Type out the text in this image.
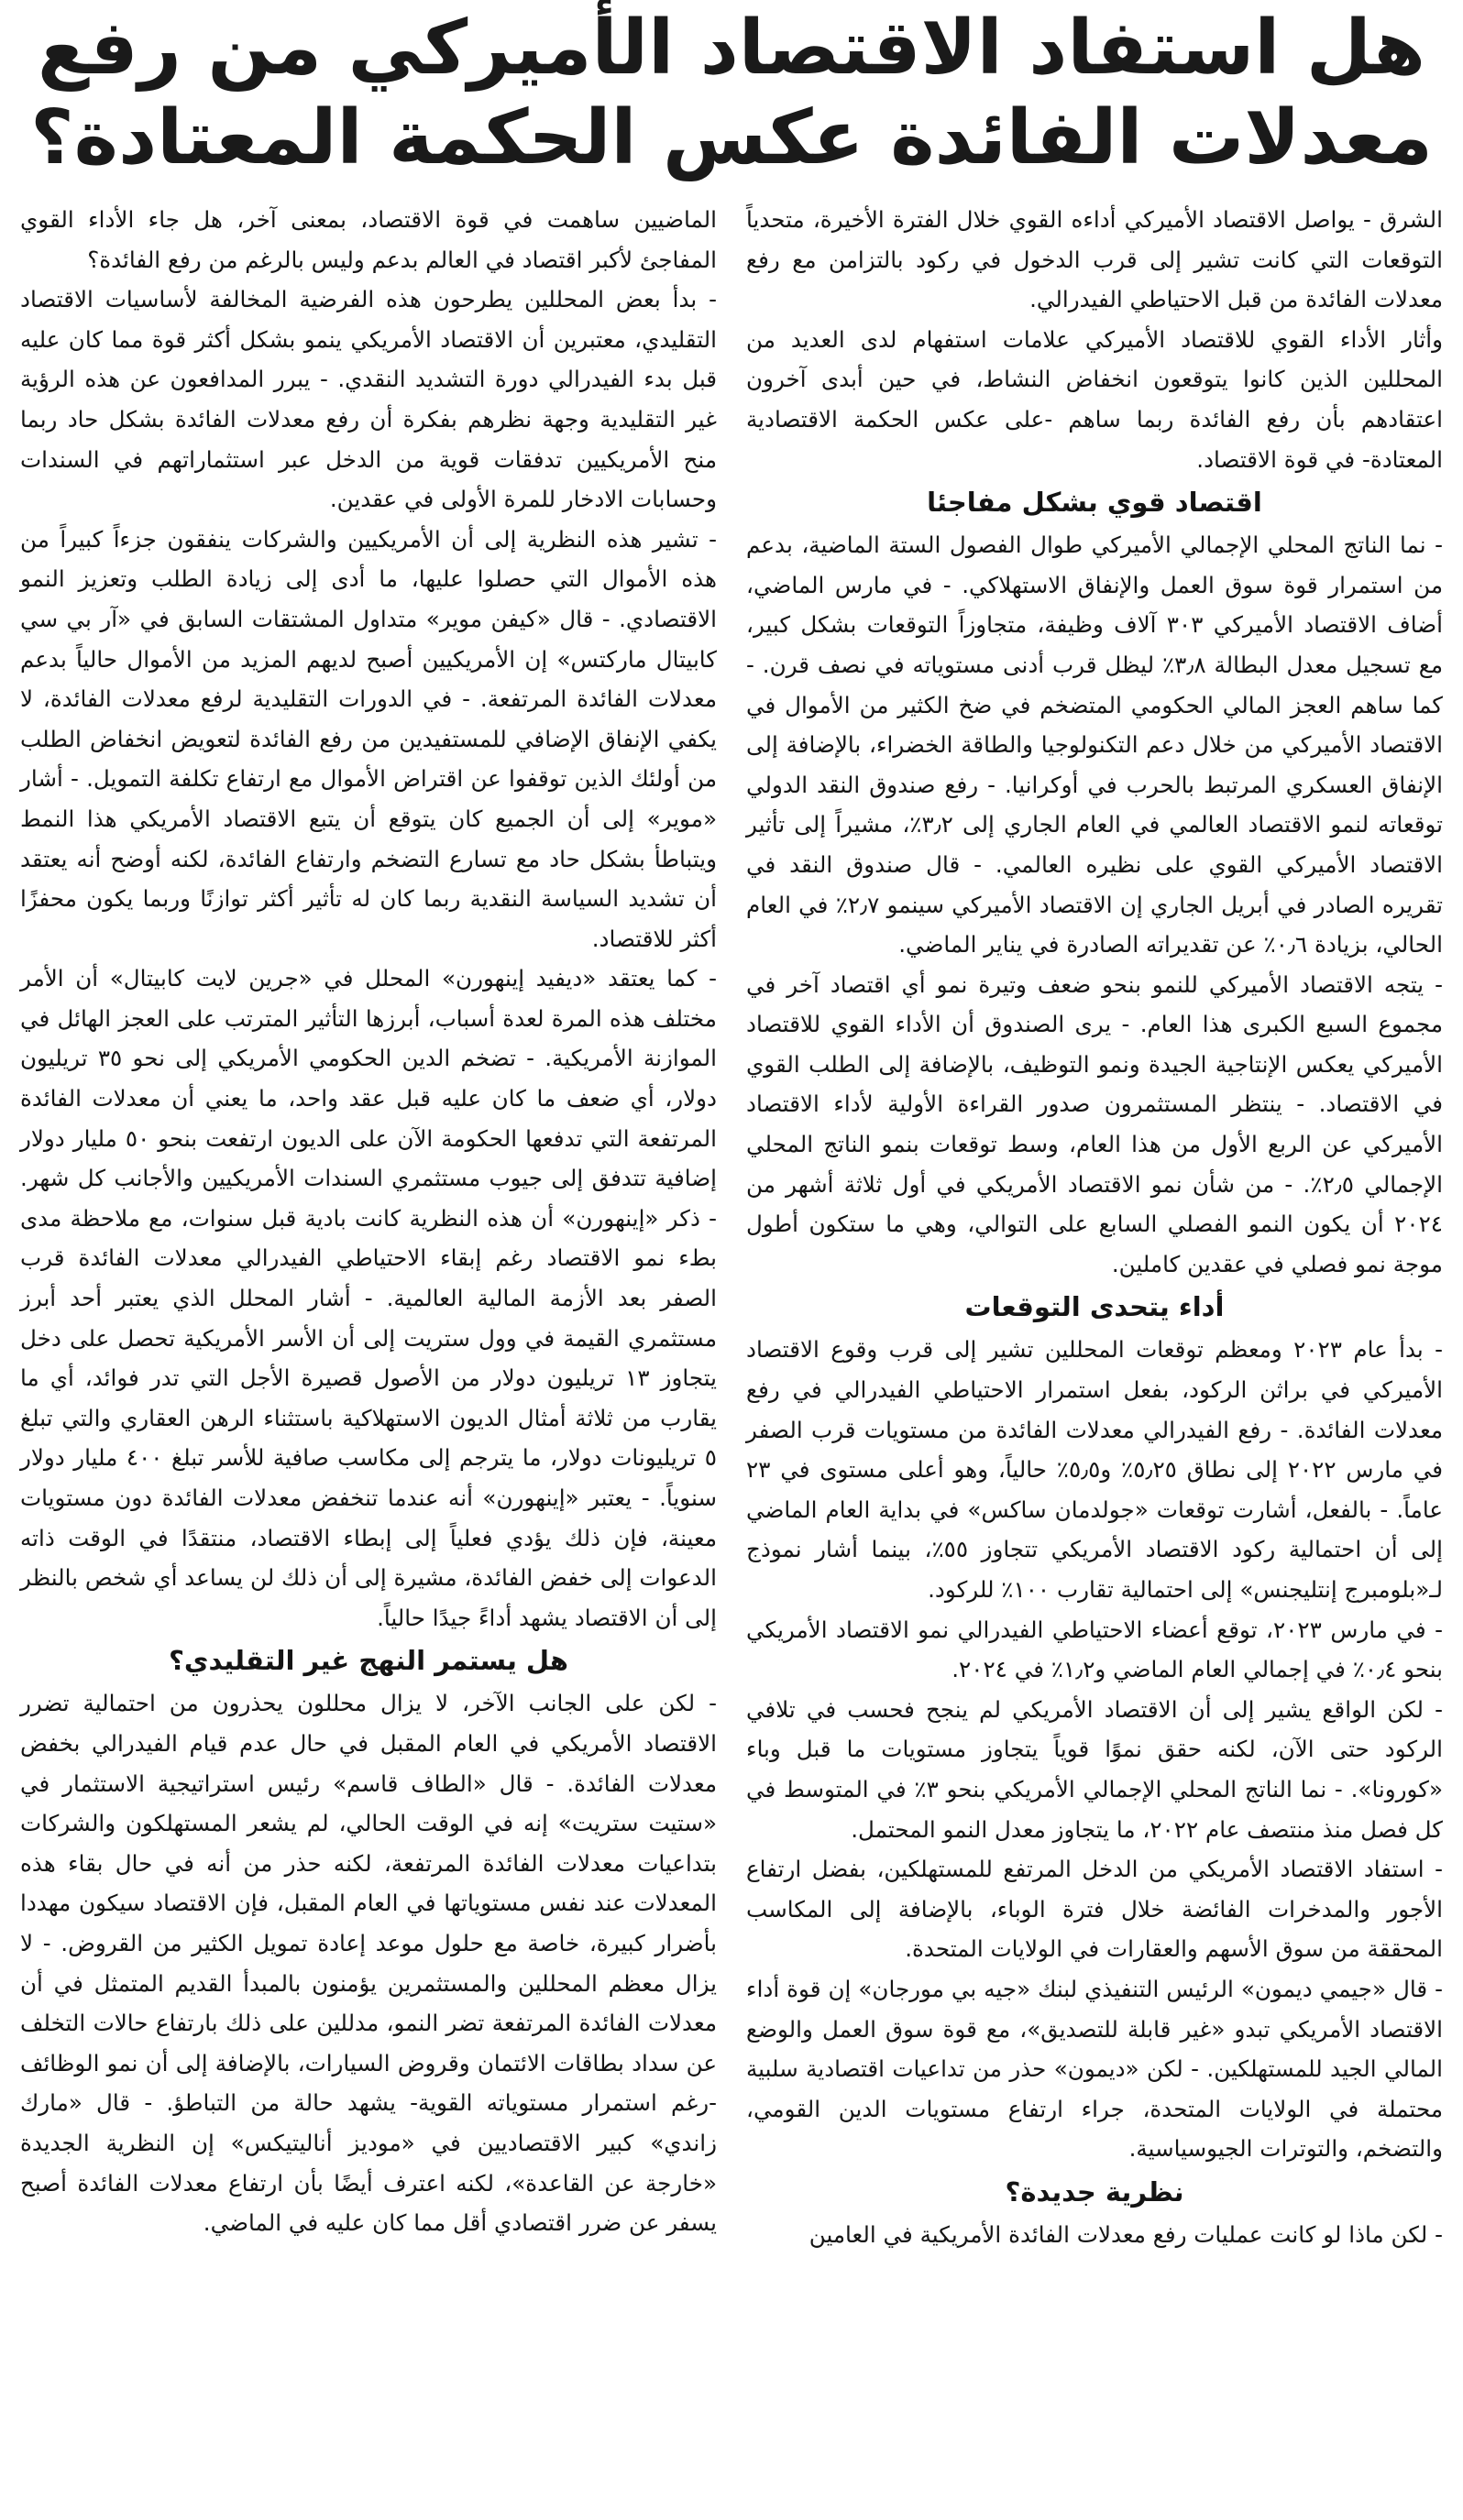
هل استفاد الاقتصاد الأميركي من رفع
معدلات الفائدة عكس الحكمة المعتادة؟

الشرق - يواصل الاقتصاد الأميركي أداءه القوي خلال الفترة الأخيرة، متحدياً التوقعات التي كانت تشير إلى قرب الدخول في ركود بالتزامن مع رفع معدلات الفائدة من قبل الاحتياطي الفيدرالي.

وأثار الأداء القوي للاقتصاد الأميركي علامات استفهام لدى العديد من المحللين الذين كانوا يتوقعون انخفاض النشاط، في حين أبدى آخرون اعتقادهم بأن رفع الفائدة ربما ساهم -على عكس الحكمة الاقتصادية المعتادة- في قوة الاقتصاد.

اقتصاد قوي بشكل مفاجئا

- نما الناتج المحلي الإجمالي الأميركي طوال الفصول الستة الماضية، بدعم من استمرار قوة سوق العمل والإنفاق الاستهلاكي. - في مارس الماضي، أضاف الاقتصاد الأميركي ٣٠٣ آلاف وظيفة، متجاوزاً التوقعات بشكل كبير، مع تسجيل معدل البطالة ٣٫٨٪ ليظل قرب أدنى مستوياته في نصف قرن. - كما ساهم العجز المالي الحكومي المتضخم في ضخ الكثير من الأموال في الاقتصاد الأميركي من خلال دعم التكنولوجيا والطاقة الخضراء، بالإضافة إلى الإنفاق العسكري المرتبط بالحرب في أوكرانيا. - رفع صندوق النقد الدولي توقعاته لنمو الاقتصاد العالمي في العام الجاري إلى ٣٫٢٪، مشيراً إلى تأثير الاقتصاد الأميركي القوي على نظيره العالمي. - قال صندوق النقد في تقريره الصادر في أبريل الجاري إن الاقتصاد الأميركي سينمو ٢٫٧٪ في العام الحالي، بزيادة ٠٫٦٪ عن تقديراته الصادرة في يناير الماضي.

- يتجه الاقتصاد الأميركي للنمو بنحو ضعف وتيرة نمو أي اقتصاد آخر في مجموع السبع الكبرى هذا العام. - يرى الصندوق أن الأداء القوي للاقتصاد الأميركي يعكس الإنتاجية الجيدة ونمو التوظيف، بالإضافة إلى الطلب القوي في الاقتصاد. - ينتظر المستثمرون صدور القراءة الأولية لأداء الاقتصاد الأميركي عن الربع الأول من هذا العام، وسط توقعات بنمو الناتج المحلي الإجمالي ٢٫٥٪. - من شأن نمو الاقتصاد الأمريكي في أول ثلاثة أشهر من ٢٠٢٤ أن يكون النمو الفصلي السابع على التوالي، وهي ما ستكون أطول موجة نمو فصلي في عقدين كاملين.

أداء يتحدى التوقعات

- بدأ عام ٢٠٢٣ ومعظم توقعات المحللين تشير إلى قرب وقوع الاقتصاد الأميركي في براثن الركود، بفعل استمرار الاحتياطي الفيدرالي في رفع معدلات الفائدة. - رفع الفيدرالي معدلات الفائدة من مستويات قرب الصفر في مارس ٢٠٢٢ إلى نطاق ٥٫٢٥٪ و٥٫٥٪ حالياً، وهو أعلى مستوى في ٢٣ عاماً. - بالفعل، أشارت توقعات «جولدمان ساكس» في بداية العام الماضي إلى أن احتمالية ركود الاقتصاد الأمريكي تتجاوز ٥٥٪، بينما أشار نموذج لـ«بلومبرج إنتليجنس» إلى احتمالية تقارب ١٠٠٪ للركود.

- في مارس ٢٠٢٣، توقع أعضاء الاحتياطي الفيدرالي نمو الاقتصاد الأمريكي بنحو ٠٫٤٪ في إجمالي العام الماضي و١٫٢٪ في ٢٠٢٤.

- لكن الواقع يشير إلى أن الاقتصاد الأمريكي لم ينجح فحسب في تلافي الركود حتى الآن، لكنه حقق نموًا قوياً يتجاوز مستويات ما قبل وباء «كورونا». - نما الناتج المحلي الإجمالي الأمريكي بنحو ٣٪ في المتوسط في كل فصل منذ منتصف عام ٢٠٢٢، ما يتجاوز معدل النمو المحتمل.

- استفاد الاقتصاد الأمريكي من الدخل المرتفع للمستهلكين، بفضل ارتفاع الأجور والمدخرات الفائضة خلال فترة الوباء، بالإضافة إلى المكاسب المحققة من سوق الأسهم والعقارات في الولايات المتحدة.

- قال «جيمي ديمون» الرئيس التنفيذي لبنك «جيه بي مورجان» إن قوة أداء الاقتصاد الأمريكي تبدو «غير قابلة للتصديق»، مع قوة سوق العمل والوضع المالي الجيد للمستهلكين. - لكن «ديمون» حذر من تداعيات اقتصادية سلبية محتملة في الولايات المتحدة، جراء ارتفاع مستويات الدين القومي، والتضخم، والتوترات الجيوسياسية.

نظرية جديدة؟

- لكن ماذا لو كانت عمليات رفع معدلات الفائدة الأمريكية في العامين

الماضيين ساهمت في قوة الاقتصاد، بمعنى آخر، هل جاء الأداء القوي المفاجئ لأكبر اقتصاد في العالم بدعم وليس بالرغم من رفع الفائدة؟

- بدأ بعض المحللين يطرحون هذه الفرضية المخالفة لأساسيات الاقتصاد التقليدي، معتبرين أن الاقتصاد الأمريكي ينمو بشكل أكثر قوة مما كان عليه قبل بدء الفيدرالي دورة التشديد النقدي. - يبرر المدافعون عن هذه الرؤية غير التقليدية وجهة نظرهم بفكرة أن رفع معدلات الفائدة بشكل حاد ربما منح الأمريكيين تدفقات قوية من الدخل عبر استثماراتهم في السندات وحسابات الادخار للمرة الأولى في عقدين.

- تشير هذه النظرية إلى أن الأمريكيين والشركات ينفقون جزءاً كبيراً من هذه الأموال التي حصلوا عليها، ما أدى إلى زيادة الطلب وتعزيز النمو الاقتصادي. - قال «كيفن موير» متداول المشتقات السابق في «آر بي سي كابيتال ماركتس» إن الأمريكيين أصبح لديهم المزيد من الأموال حالياً بدعم معدلات الفائدة المرتفعة. - في الدورات التقليدية لرفع معدلات الفائدة، لا يكفي الإنفاق الإضافي للمستفيدين من رفع الفائدة لتعويض انخفاض الطلب من أولئك الذين توقفوا عن اقتراض الأموال مع ارتفاع تكلفة التمويل. - أشار «موير» إلى أن الجميع كان يتوقع أن يتبع الاقتصاد الأمريكي هذا النمط ويتباطأ بشكل حاد مع تسارع التضخم وارتفاع الفائدة، لكنه أوضح أنه يعتقد أن تشديد السياسة النقدية ربما كان له تأثير أكثر توازنًا وربما يكون محفزًا أكثر للاقتصاد.

- كما يعتقد «ديفيد إينهورن» المحلل في «جرين لايت كابيتال» أن الأمر مختلف هذه المرة لعدة أسباب، أبرزها التأثير المترتب على العجز الهائل في الموازنة الأمريكية. - تضخم الدين الحكومي الأمريكي إلى نحو ٣٥ تريليون دولار، أي ضعف ما كان عليه قبل عقد واحد، ما يعني أن معدلات الفائدة المرتفعة التي تدفعها الحكومة الآن على الديون ارتفعت بنحو ٥٠ مليار دولار إضافية تتدفق إلى جيوب مستثمري السندات الأمريكيين والأجانب كل شهر. - ذكر «إينهورن» أن هذه النظرية كانت بادية قبل سنوات، مع ملاحظة مدى بطء نمو الاقتصاد رغم إبقاء الاحتياطي الفيدرالي معدلات الفائدة قرب الصفر بعد الأزمة المالية العالمية. - أشار المحلل الذي يعتبر أحد أبرز مستثمري القيمة في وول ستريت إلى أن الأسر الأمريكية تحصل على دخل يتجاوز ١٣ تريليون دولار من الأصول قصيرة الأجل التي تدر فوائد، أي ما يقارب من ثلاثة أمثال الديون الاستهلاكية باستثناء الرهن العقاري والتي تبلغ ٥ تريليونات دولار، ما يترجم إلى مكاسب صافية للأسر تبلغ ٤٠٠ مليار دولار سنوياً. - يعتبر «إينهورن» أنه عندما تنخفض معدلات الفائدة دون مستويات معينة، فإن ذلك يؤدي فعلياً إلى إبطاء الاقتصاد، منتقدًا في الوقت ذاته الدعوات إلى خفض الفائدة، مشيرة إلى أن ذلك لن يساعد أي شخص بالنظر إلى أن الاقتصاد يشهد أداءً جيدًا حالياً.

هل يستمر النهج غير التقليدي؟

- لكن على الجانب الآخر، لا يزال محللون يحذرون من احتمالية تضرر الاقتصاد الأمريكي في العام المقبل في حال عدم قيام الفيدرالي بخفض معدلات الفائدة. - قال «الطاف قاسم» رئيس استراتيجية الاستثمار في «ستيت ستريت» إنه في الوقت الحالي، لم يشعر المستهلكون والشركات بتداعيات معدلات الفائدة المرتفعة، لكنه حذر من أنه في حال بقاء هذه المعدلات عند نفس مستوياتها في العام المقبل، فإن الاقتصاد سيكون مهددا بأضرار كبيرة، خاصة مع حلول موعد إعادة تمويل الكثير من القروض. - لا يزال معظم المحللين والمستثمرين يؤمنون بالمبدأ القديم المتمثل في أن معدلات الفائدة المرتفعة تضر النمو، مدللين على ذلك بارتفاع حالات التخلف عن سداد بطاقات الائتمان وقروض السيارات، بالإضافة إلى أن نمو الوظائف -رغم استمرار مستوياته القوية- يشهد حالة من التباطؤ. - قال «مارك زاندي» كبير الاقتصاديين في «موديز أناليتيكس» إن النظرية الجديدة «خارجة عن القاعدة»، لكنه اعترف أيضًا بأن ارتفاع معدلات الفائدة أصبح يسفر عن ضرر اقتصادي أقل مما كان عليه في الماضي.
